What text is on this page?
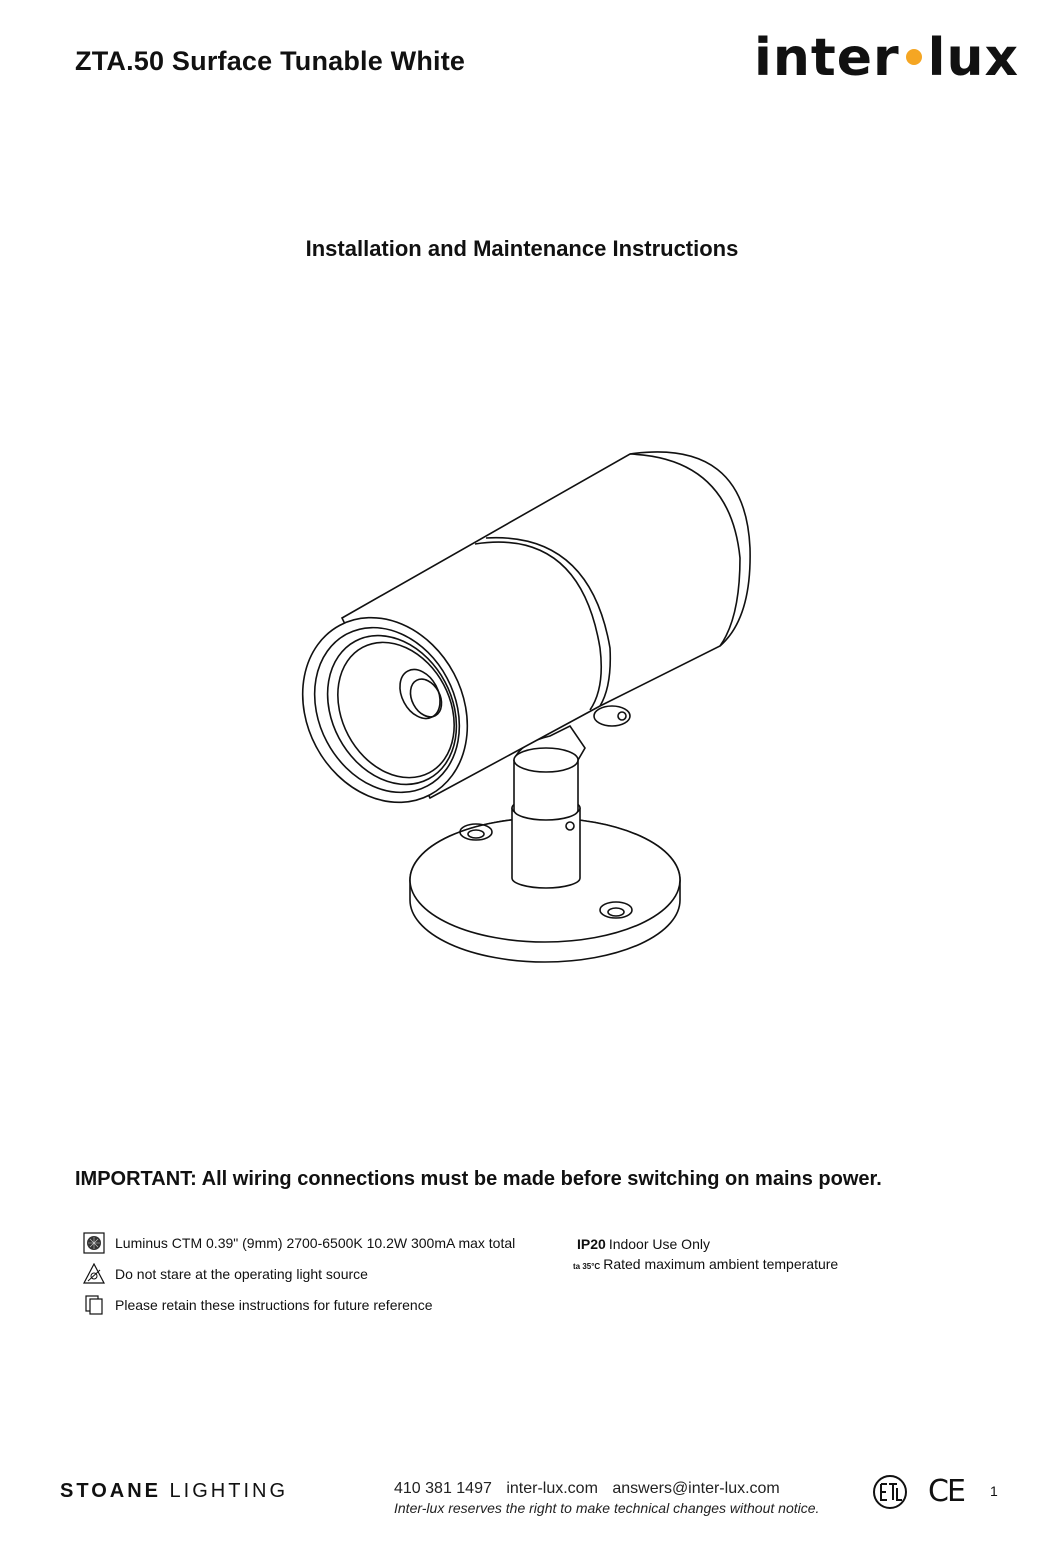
ZTA.50 Surface Tunable White	inter lux
Installation and Maintenance Instructions
IMPORTANT: All wiring connections must be made before switching on mains power.
Luminus CTM 0.39" (9mm) 2700-6500K 10.2W 300mA max total
Do not stare at the operating light source
Please retain these instructions for future reference
IP20 Indoor Use Only
ta 35°C Rated maximum ambient temperature
STOANE LIGHTING	410 381 1497 inter-lux.com answers@inter-lux.com
Inter-lux reserves the right to make technical changes without notice.	CE 1
